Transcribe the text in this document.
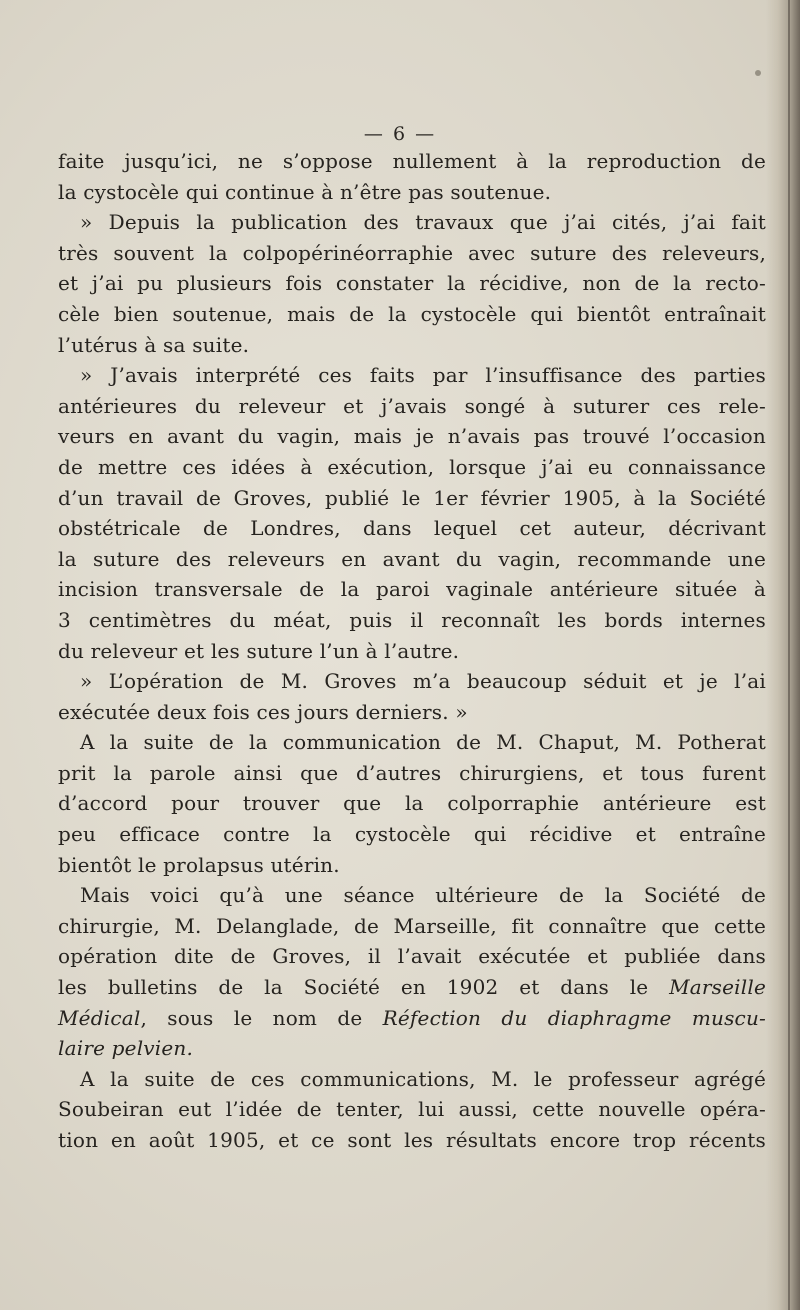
— 6 —
faite jusqu’ici, ne s’oppose nullement à la reproduction de
la cystocèle qui continue à n’être pas soutenue.
» Depuis la publication des travaux que j’ai cités, j’ai fait
très souvent la colpopérinéorraphie avec suture des releveurs,
et j’ai pu plusieurs fois constater la récidive, non de la recto-
cèle bien soutenue, mais de la cystocèle qui bientôt entraînait
l’utérus à sa suite.
» J’avais interprété ces faits par l’insuffisance des parties
antérieures du releveur et j’avais songé à suturer ces rele-
veurs en avant du vagin, mais je n’avais pas trouvé l’occasion
de mettre ces idées à exécution, lorsque j’ai eu connaissance
d’un travail de Groves, publié le 1er février 1905, à la Société
obstétricale de Londres, dans lequel cet auteur, décrivant
la suture des releveurs en avant du vagin, recommande une
incision transversale de la paroi vaginale antérieure située à
3 centimètres du méat, puis il reconnaît les bords internes
du releveur et les suture l’un à l’autre.
» L’opération de M. Groves m’a beaucoup séduit et je l’ai
exécutée deux fois ces jours derniers. »
A la suite de la communication de M. Chaput, M. Potherat
prit la parole ainsi que d’autres chirurgiens, et tous furent
d’accord pour trouver que la colporraphie antérieure est
peu efficace contre la cystocèle qui récidive et entraîne
bientôt le prolapsus utérin.
Mais voici qu’à une séance ultérieure de la Société de
chirurgie, M. Delanglade, de Marseille, fit connaître que cette
opération dite de Groves, il l’avait exécutée et publiée dans
les bulletins de la Société en 1902 et dans le Marseille
Médical, sous le nom de Réfection du diaphragme muscu-
laire pelvien.
A la suite de ces communications, M. le professeur agrégé
Soubeiran eut l’idée de tenter, lui aussi, cette nouvelle opéra-
tion en août 1905, et ce sont les résultats encore trop récents
